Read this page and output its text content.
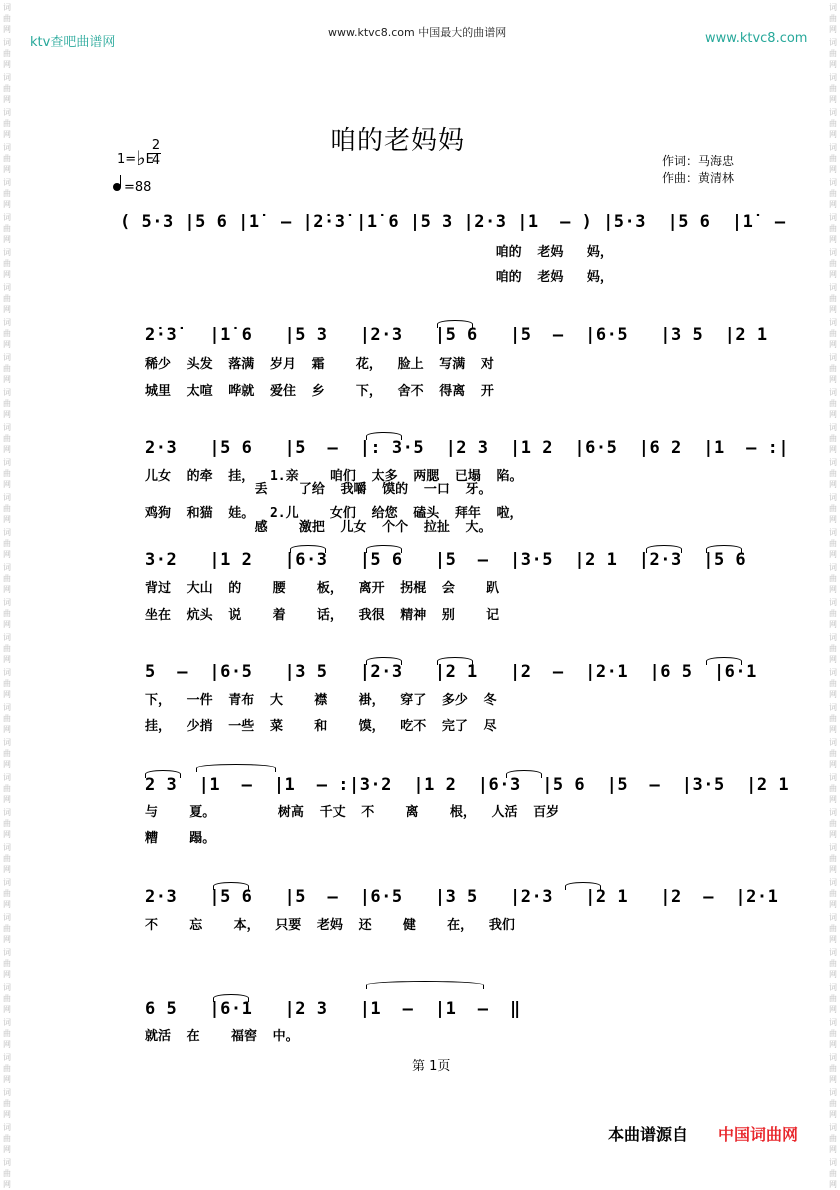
词
曲
网
词
曲
网
词
曲
网
词
曲
网
词
曲
网
词
曲
网
词
曲
网
词
曲
网
词
曲
网
词
曲
网
词
曲
网
词
曲
网
词
曲
网
词
曲
网
词
曲
网
词
曲
网
词
曲
网
词
曲
网
词
曲
网
词
曲
网
词
曲
网
词
曲
网
词
曲
网
词
曲
网
词
曲
网
词
曲
网
词
曲
网
词
曲
网
词
曲
网
词
曲
网
词
曲
网
词
曲
网
词
曲
网
词
曲
网
词
曲
网
词
曲
网
词
曲
网
词
曲
网
词
曲
网
词
曲
网
词
曲
网
词
曲
网
词
曲
网
词
曲
网
词
曲
网
词
曲
网
词
曲
网
词
曲
网
词
曲
网
词
曲
网
词
曲
网
词
曲
网
词
曲
网
词
曲
网
词
曲
网
词
曲
网
词
曲
网
词
曲
网
词
曲
网
词
曲
网
词
曲
网
词
曲
网
词
曲
网
词
曲
网
词
曲
网
词
曲
网
词
曲
网
词
曲
网
ktv查吧曲谱网
www.ktvc8.com 中国最大的曲谱网	www.ktvc8.com
1=♭E
2
4
=88
咱的老妈妈
作词：马海忠
作曲：黄清林
( 5·3 |5 6 |1̇  – |2̇·3̇ |1̇ 6 |5 3 |2·3 |1  – ) |5·3  |5 6  |1̇  –
咱的  老妈   妈，
咱的  老妈   妈，
2̇·3̇   |1̇ 6   |5 3   |2·3   |5 6   |5  –  |6·5   |3 5  |2 1
稀少  头发  落满  岁月  霜    花，  脸上  写满  对
城里  太喧  哗就  爱住  乡    下，  舍不  得离  开
2·3   |5 6   |5  –  |: 3·5  |2 3  |1 2  |6·5  |6 2  |1  – :|
儿女  的牵  挂，  1.亲    咱们  太多  两腮  已塌  陷。
丢    了给  我嚼  馍的  一口  牙。
鸡狗  和猫  娃。  2.儿    女们  给您  磕头  拜年  啦，
感    激把  儿女  个个  拉扯  大。
3·2   |1 2   |6·3   |5 6   |5  –  |3·5  |2 1  |2·3  |5 6
背过  大山  的    腰    板，  离开  拐棍  会    趴
坐在  炕头  说    着    话，  我很  精神  别    记
5  –  |6·5   |3 5   |2·3   |2 1   |2  –  |2·1  |6 5  |6·1
下，  一件  青布  大    襟    褂，  穿了  多少  冬
挂，  少捎  一些  菜    和    馍，  吃不  完了  尽
2 3  |1  –  |1  – :|3·2  |1 2  |6·3  |5 6  |5  –  |3·5  |2 1
与    夏。        树高  千丈  不    离    根，  人活  百岁
糟    蹋。
2·3   |5 6   |5  –  |6·5   |3 5   |2·3   |2 1   |2  –  |2·1
不    忘    本，  只要  老妈  还    健    在，  我们
6 5   |6·1   |2 3   |1  –  |1  –  ‖
就活  在    福窖  中。
第 1页
本曲谱源自 中国词曲网
